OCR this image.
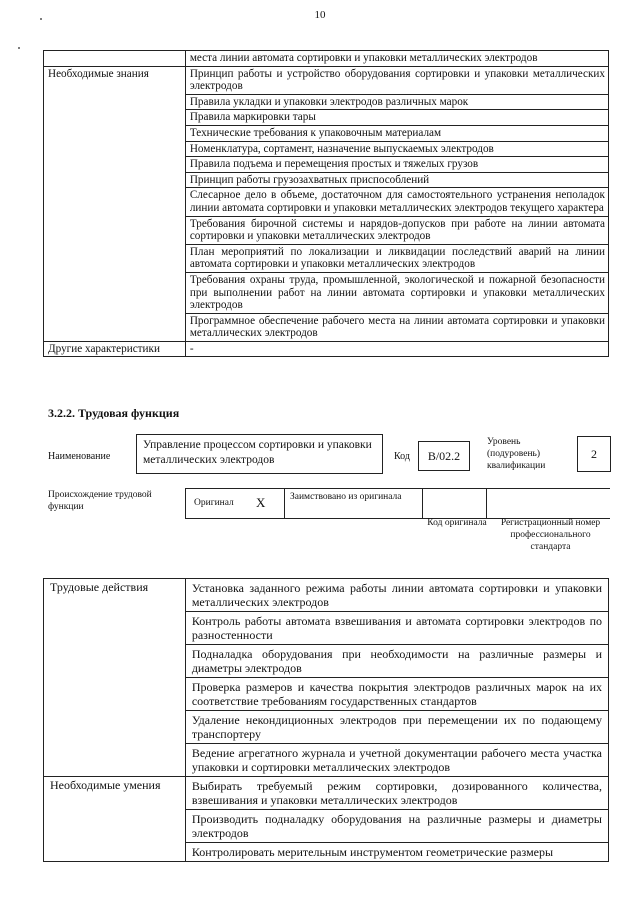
10
	места линии автомата сортировки и упаковки металлических электродов
Необходимые знания	Принцип работы и устройство оборудования сортировки и упаковки металлических электродов
	Правила укладки и упаковки электродов различных марок
	Правила маркировки тары
	Технические требования к упаковочным материалам
	Номенклатура, сортамент, назначение выпускаемых электродов
	Правила подъема и перемещения простых и тяжелых грузов
	Принцип работы грузозахватных приспособлений
	Слесарное дело в объеме, достаточном для самостоятельного устранения неполадок линии автомата сортировки и упаковки металлических электродов текущего характера
	Требования бирочной системы и нарядов-допусков при работе на линии автомата сортировки и упаковки металлических электродов
	План мероприятий по локализации и ликвидации последствий аварий на линии автомата сортировки и упаковки металлических электродов
	Требования охраны труда, промышленной, экологической и пожарной безопасности при выполнении работ на линии автомата сортировки и упаковки металлических электродов
	Программное обеспечение рабочего места на линии автомата сортировки и упаковки металлических электродов
Другие характеристики	-
3.2.2. Трудовая функция
Наименование
Управление процессом сортировки и упаковки металлических электродов	Код	B/02.2
Уровень (подуровень) квалификации
2
Происхождение трудовой функции	Оригинал X	Заимствовано из оригинала
Код оригинала	Регистрационный номер профессионального стандарта
Трудовые действия	Установка заданного режима работы линии автомата сортировки и упаковки металлических электродов
	Контроль работы автомата взвешивания и автомата сортировки электродов по разностенности
	Подналадка оборудования при необходимости на различные размеры и диаметры электродов
	Проверка размеров и качества покрытия электродов различных марок на их соответствие требованиям государственных стандартов
	Удаление некондиционных электродов при перемещении их по подающему транспортеру
	Ведение агрегатного журнала и учетной документации рабочего места участка упаковки и сортировки металлических электродов
Необходимые умения	Выбирать требуемый режим сортировки, дозированного количества, взвешивания и упаковки металлических электродов
	Производить подналадку оборудования на различные размеры и диаметры электродов
	Контролировать мерительным инструментом геометрические размеры
